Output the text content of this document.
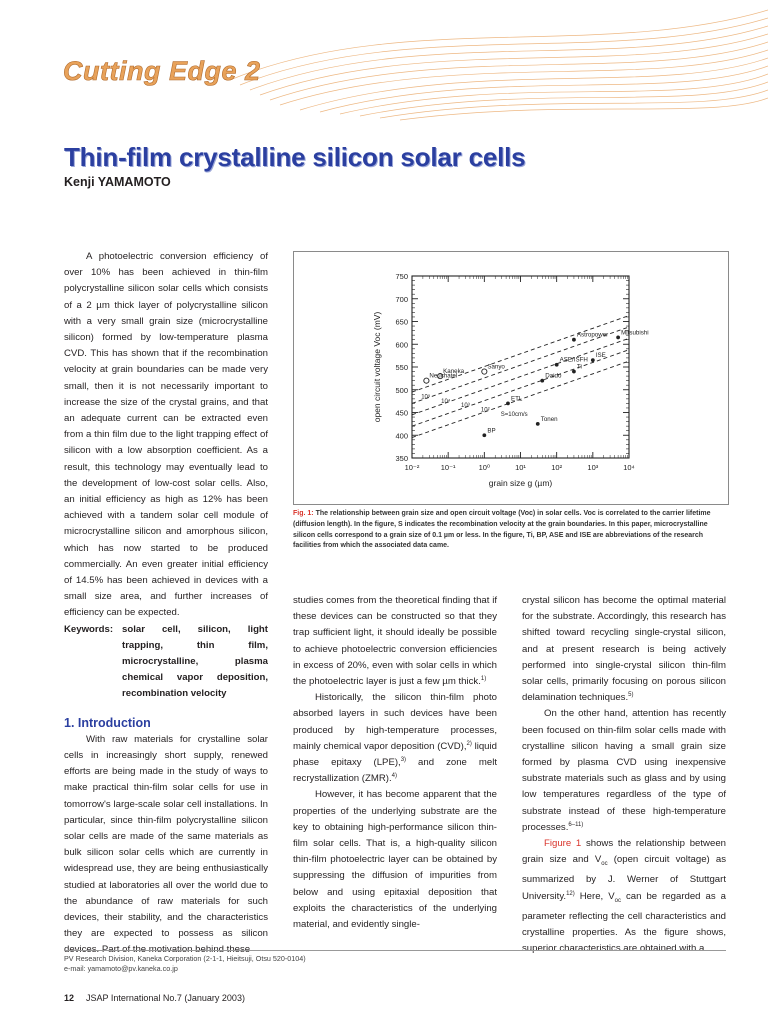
Cutting Edge 2
Thin-film crystalline silicon solar cells
Kenji YAMAMOTO

A photoelectric conversion efficiency of over 10% has been achieved in thin-film polycrystalline silicon solar cells which consists of a 2 µm thick layer of polycrystalline silicon with a very small grain size (microcrystalline silicon) formed by low-temperature plasma CVD. This has shown that if the recombination velocity at grain boundaries can be made very small, then it is not necessarily important to increase the size of the crystal grains, and that an adequate current can be extracted even from a thin film due to the light trapping effect of silicon with a low absorption coefficient. As a result, this technology may eventually lead to the development of low-cost solar cells. Also, an initial efficiency as high as 12% has been achieved with a tandem solar cell module of microcrystalline silicon and amorphous silicon, which has now started to be produced commercially. An even greater initial efficiency of 14.5% has been achieved in devices with a small size area, and further increases of efficiency can be expected.

Keywords: solar cell, silicon, light trapping, thin film, microcrystalline, plasma chemical vapor deposition, recombination velocity
1. Introduction

With raw materials for crystalline solar cells in increasingly short supply, renewed efforts are being made in the study of ways to make practical thin-film solar cells for use in tomorrow's large-scale solar cell installations. In particular, since thin-film polycrystalline silicon solar cells are made of the same materials as bulk silicon solar cells which are currently in widespread use, they are being enthusiastically studied at laboratories all over the world due to the abundance of raw materials for such devices, their stability, and the characteristics they are expected to possess as silicon devices. Part of the motivation behind these

350
400
450
500
550
600
650
700
750
10⁻²	10⁻¹	10⁰	10¹	10²	10³	10⁴
grain size g (µm)
open circuit voltage Voc (mV)	10⁵
10⁴
10³
10²
S=10cm/s
Kaneka
Neuchatel
Sanyo
BP
ETL
Tonen
Daido
ASE/ISFH
Ti
ISE
Astropower Mitsubishi
Fig. 1: The relationship between grain size and open circuit voltage (Voc) in solar cells. Voc is correlated to the carrier lifetime (diffusion length). In the figure, S indicates the recombination velocity at the grain boundaries. In this paper, microcrystalline silicon cells correspond to a grain size of 0.1 µm or less. In the figure, Ti, BP, ASE and ISE are abbreviations of the research facilities from which the associated data came.

studies comes from the theoretical finding that if these devices can be constructed so that they trap sufficient light, it should ideally be possible to achieve photoelectric conversion efficiencies in excess of 20%, even with solar cells in which the photoelectric layer is just a few µm thick.$^{1)}$

Historically, the silicon thin-film photo absorbed layers in such devices have been produced by high-temperature processes, mainly chemical vapor deposition (CVD),$^{2)}$ liquid phase epitaxy (LPE),$^{3)}$ and zone melt recrystallization (ZMR).$^{4)}$

However, it has become apparent that the properties of the underlying substrate are the key to obtaining high-performance silicon thin-film solar cells. That is, a high-quality silicon thin-film photoelectric layer can be obtained by suppressing the diffusion of impurities from below and using epitaxial deposition that exploits the characteristics of the underlying material, and evidently single-

crystal silicon has become the optimal material for the substrate. Accordingly, this research has shifted toward recycling single-crystal silicon, and at present research is being actively performed into single-crystal silicon thin-film solar cells, primarily focusing on porous silicon delamination techniques.$^{5)}$

On the other hand, attention has recently been focused on thin-film solar cells made with crystalline silicon having a small grain size formed by plasma CVD using inexpensive substrate materials such as glass and by using low temperatures regardless of the type of substrate instead of these high-temperature processes.$^{6-11)}$

Figure 1 shows the relationship between grain size and $V_{oc}$ (open circuit voltage) as summarized by J. Werner of Stuttgart University.$^{12)}$ Here, $V_{oc}$ can be regarded as a parameter reflecting the cell characteristics and crystalline properties. As the figure shows, superior characteristics are obtained with a

PV Research Division, Kaneka Corporation (2-1-1, Hieitsuji, Otsu 520-0104)
e-mail: yamamoto@pv.kaneka.co.jp
12 JSAP International No.7 (January 2003)
